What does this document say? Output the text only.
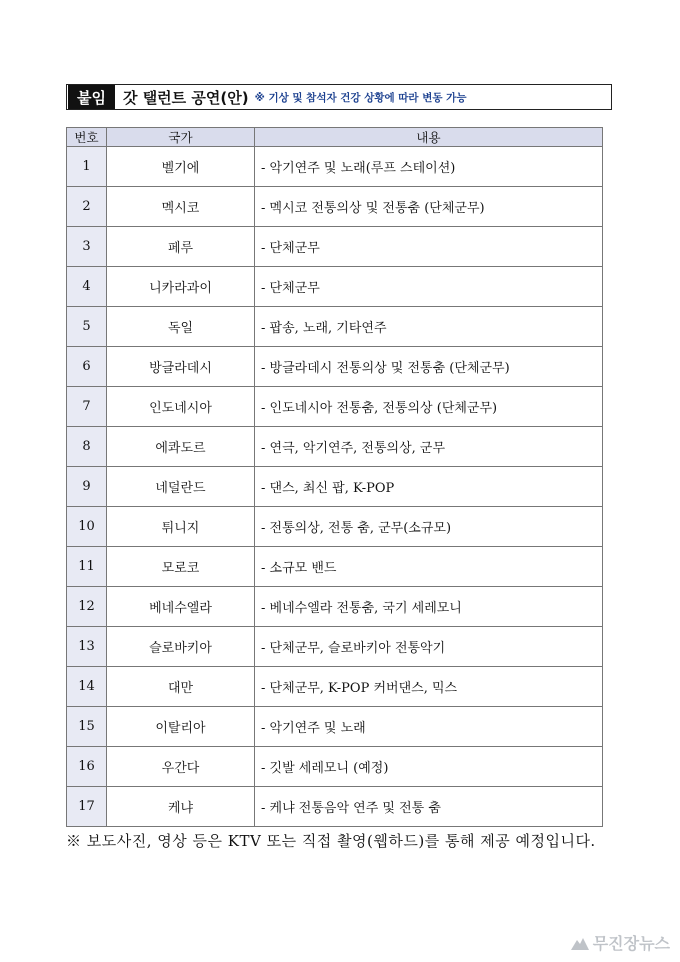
붙임	갓 탤런트 공연(안) ※ 기상 및 참석자 건강 상황에 따라 변동 가능
번호	국가	내용
1	벨기에	- 악기연주 및 노래(루프 스테이션)
2	멕시코	- 멕시코 전통의상 및 전통춤 (단체군무)
3	페루	- 단체군무
4	니카라과이	- 단체군무
5	독일	- 팝송, 노래, 기타연주
6	방글라데시	- 방글라데시 전통의상 및 전통춤 (단체군무)
7	인도네시아	- 인도네시아 전통춤, 전통의상 (단체군무)
8	에콰도르	- 연극, 악기연주, 전통의상, 군무
9	네덜란드	- 댄스, 최신 팝, K-POP
10	튀니지	- 전통의상, 전통 춤, 군무(소규모)
11	모로코	- 소규모 밴드
12	베네수엘라	- 베네수엘라 전통춤, 국기 세레모니
13	슬로바키아	- 단체군무, 슬로바키아 전통악기
14	대만	- 단체군무, K-POP 커버댄스, 믹스
15	이탈리아	- 악기연주 및 노래
16	우간다	- 깃발 세레모니 (예정)
17	케냐	- 케냐 전통음악 연주 및 전통 춤
※ 보도사진, 영상 등은 KTV 또는 직접 촬영(웹하드)를 통해 제공 예정입니다.
무진장뉴스
